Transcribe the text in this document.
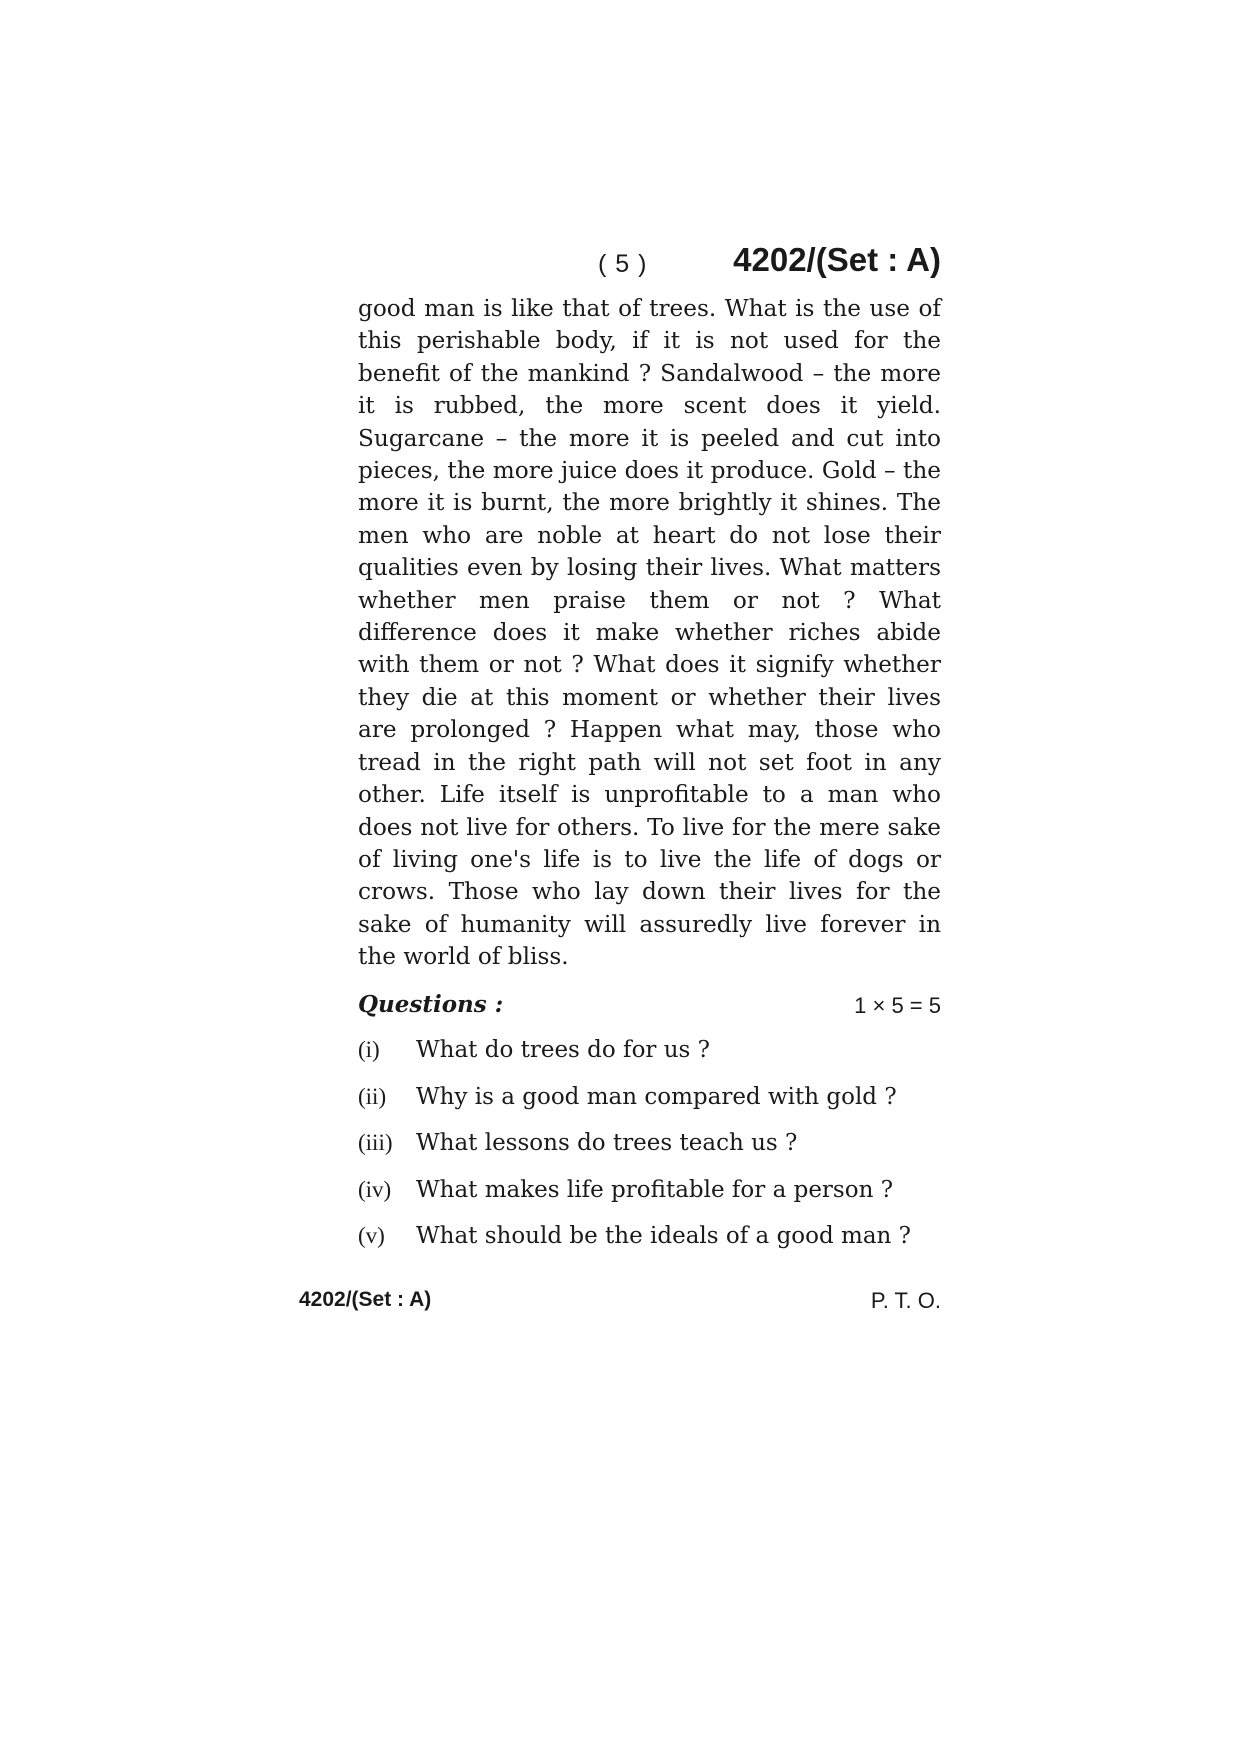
( 5 )	4202/(Set : A)

good man is like that of trees. What is the use of this perishable body, if it is not used for the benefit of the mankind ? Sandalwood – the more it is rubbed, the more scent does it yield. Sugarcane – the more it is peeled and cut into pieces, the more juice does it produce. Gold – the more it is burnt, the more brightly it shines. The men who are noble at heart do not lose their qualities even by losing their lives. What matters whether men praise them or not ? What difference does it make whether riches abide with them or not ? What does it signify whether they die at this moment or whether their lives are prolonged ? Happen what may, those who tread in the right path will not set foot in any other. Life itself is unprofitable to a man who does not live for others. To live for the mere sake of living one's life is to live the life of dogs or crows. Those who lay down their lives for the sake of humanity will assuredly live forever in the world of bliss.

Questions :	1 × 5 = 5
(i) What do trees do for us ?
(ii) Why is a good man compared with gold ?
(iii) What lessons do trees teach us ?
(iv) What makes life profitable for a person ?
(v) What should be the ideals of a good man ?
4202/(Set : A)	P. T. O.
